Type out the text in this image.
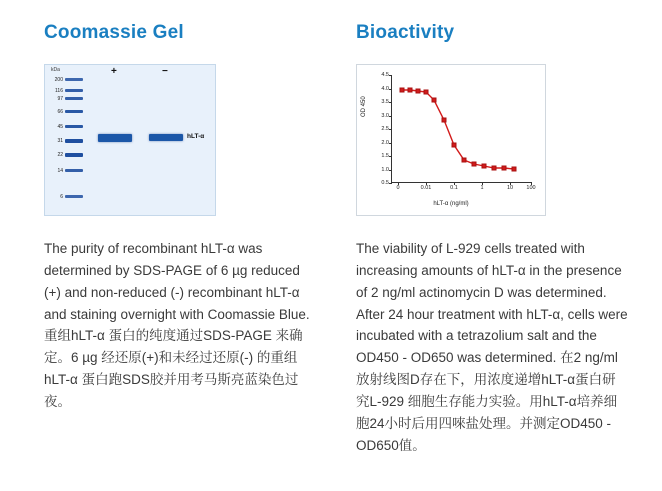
Coomassie Gel
kDa	+	−
200
116
97
66
45
31
22
14
6
hLT-α

The purity of recombinant hLT-α was determined by SDS-PAGE of 6 µg reduced (+) and non-reduced (-) recombinant hLT-α and staining overnight with Coomassie Blue.重组hLT-α 蛋白的纯度通过SDS-PAGE 来确定。6 µg 经还原(+)和未经过还原(-) 的重组hLT-α 蛋白跑SDS胶并用考马斯亮蓝染色过夜。

Bioactivity
OD 450
hLT-α (ng/ml)
0.5
1.0
1.5
2.0
2.5
3.0
3.5
4.0
4.5
0	0.01	0.1	1	10 100

The viability of L-929 cells treated with increasing amounts of hLT-α in the presence of 2 ng/ml actinomycin D was determined. After 24 hour treatment with hLT-α, cells were incubated with a tetrazolium salt and the OD450 - OD650 was determined. 在2 ng/ml 放射线图D存在下，用浓度递增hLT-α蛋白研究L-929 细胞生存能力实验。用hLT-α培养细胞24小时后用四唻盐处理。并测定OD450 - OD650值。
